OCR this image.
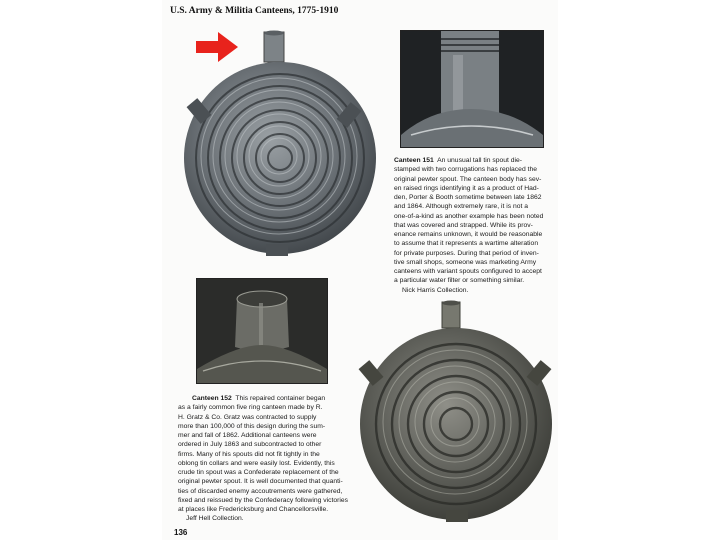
U.S. Army & Militia Canteens, 1775-1910

Canteen 151 An unusual tall tin spout die-

stamped with two corrugations has replaced the

original pewter spout. The canteen body has sev-

en raised rings identifying it as a product of Had-

den, Porter & Booth sometime between late 1862

and 1864. Although extremely rare, it is not a

one-of-a-kind as another example has been noted

that was covered and strapped. While its prov-

enance remains unknown, it would be reasonable

to assume that it represents a wartime alteration

for private purposes. During that period of inven-

tive small shops, someone was marketing Army

canteens with variant spouts configured to accept

a particular water filter or something similar.

Nick Harris Collection.

Canteen 152 This repaired container began

as a fairly common five ring canteen made by R.

H. Gratz & Co. Gratz was contracted to supply

more than 100,000 of this design during the sum-

mer and fall of 1862. Additional canteens were

ordered in July 1863 and subcontracted to other

firms. Many of his spouts did not fit tightly in the

oblong tin collars and were easily lost. Evidently, this

crude tin spout was a Confederate replacement of the

original pewter spout. It is well documented that quanti-

ties of discarded enemy accoutrements were gathered,

fixed and reissued by the Confederacy following victories

at places like Fredericksburg and Chancellorsville.

Jeff Hell Collection.

136
